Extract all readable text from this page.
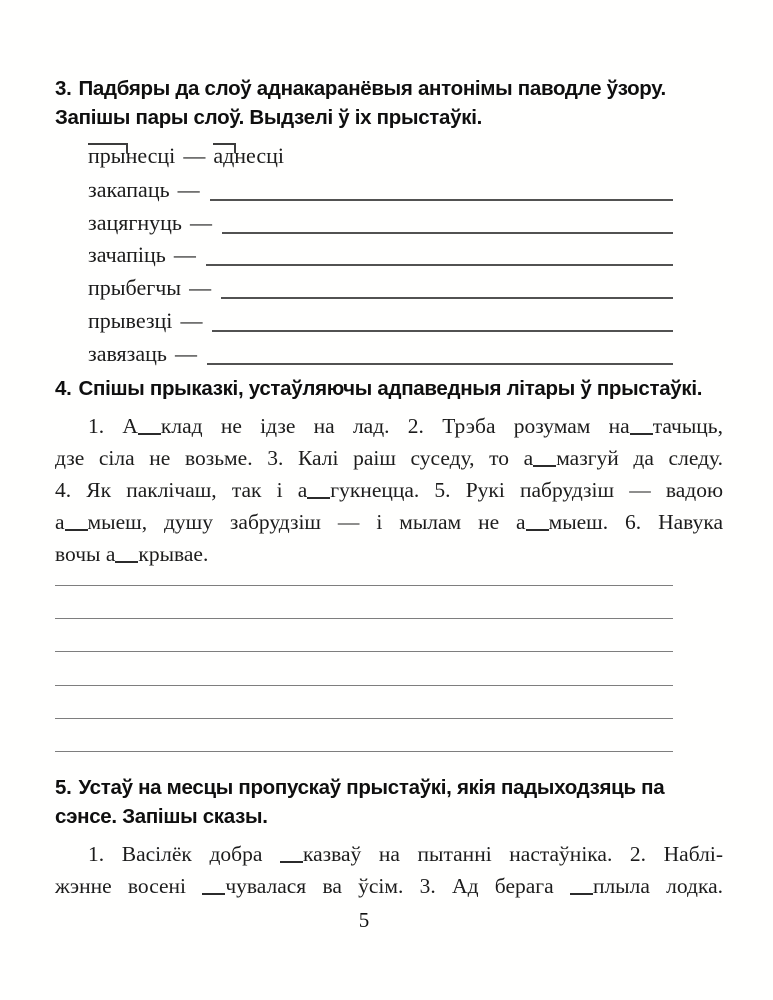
3. Падбяры да слоў аднакаранёвыя антонімы паводле ўзору.
Запішы пары слоў. Выдзелі ў іх прыстаўкі.
прынесці — аднесці
закапаць —
зацягнуць —
зачапіць —
прыбегчы —
прывезці —
завязаць —
4. Спішы прыказкі, устаўляючы адпаведныя літары ў прыстаўкі.
1. А клад не ідзе на лад. 2. Трэба розумам на тачыць,
дзе сіла не возьме. 3. Калі раіш суседу, то а мазгуй да следу.
4. Як паклічаш, так і а гукнецца. 5. Рукі пабрудзіш — вадою
а мыеш, душу забрудзіш — і мылам не а мыеш. 6. Навука
вочы а крывае.
5. Устаў на месцы пропускаў прыстаўкі, якія падыходзяць па
сэнсе. Запішы сказы.
1. Васілёк добра казваў на пытанні настаўніка. 2. Наблі-
жэнне восені чувалася ва ўсім. 3. Ад берага плыла лодка.
5
